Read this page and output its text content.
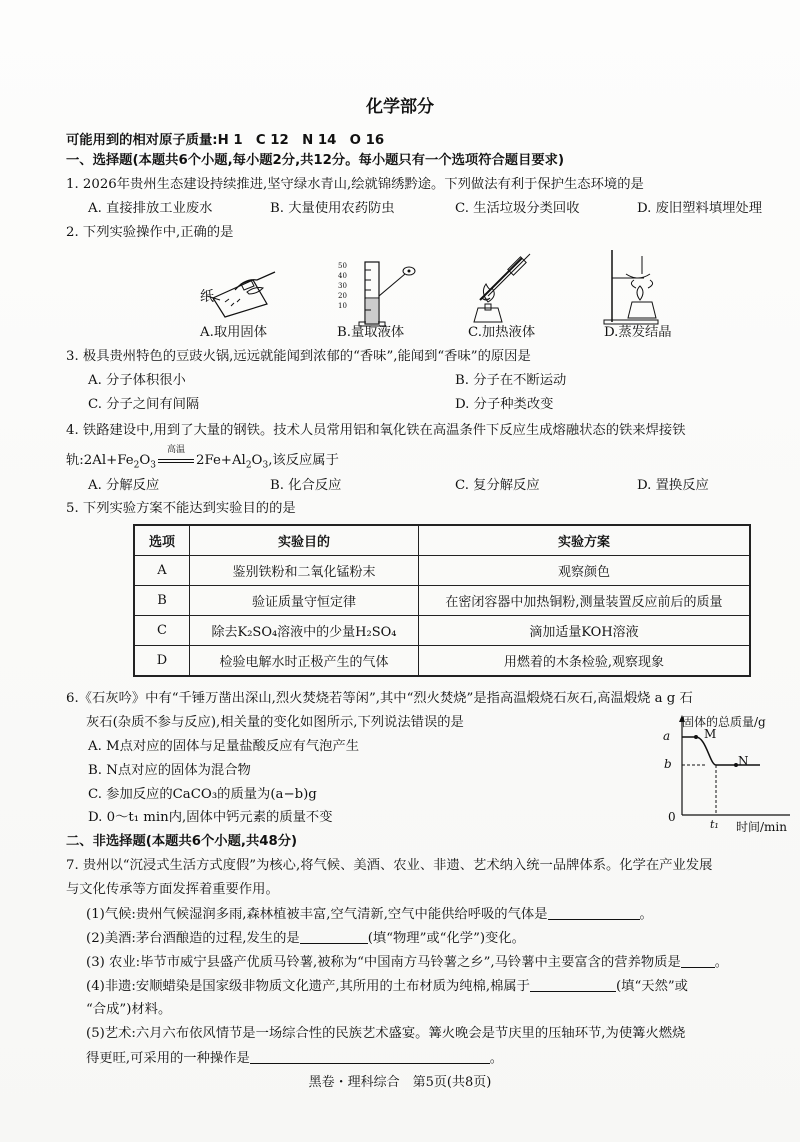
化学部分
可能用到的相对原子质量:H 1　C 12　N 14　O 16
一、选择题(本题共6个小题,每小题2分,共12分。每小题只有一个选项符合题目要求)
1. 2026年贵州生态建设持续推进,坚守绿水青山,绘就锦绣黔途。下列做法有利于保护生态环境的是
A. 直接排放工业废水	B. 大量使用农药防虫	C. 生活垃圾分类回收	D. 废旧塑料填埋处理
2. 下列实验操作中,正确的是
纸
50
40
30
20
10
A.取用固体	B.量取液体	C.加热液体	D.蒸发结晶
3. 极具贵州特色的豆豉火锅,远远就能闻到浓郁的“香味”,能闻到“香味”的原因是
A. 分子体积很小	B. 分子在不断运动
C. 分子之间有间隔	D. 分子种类改变
4. 铁路建设中,用到了大量的钢铁。技术人员常用铝和氧化铁在高温条件下反应生成熔融状态的铁来焊接铁
轨$:2Al+Fe_2O_3$
高温
$2Fe+Al_2O_3$,该反应属于
A. 分解反应	B. 化合反应	C. 复分解反应	D. 置换反应
5. 下列实验方案不能达到实验目的的是
选项	实验目的	实验方案
A	鉴别铁粉和二氧化锰粉末	观察颜色
B	验证质量守恒定律	在密闭容器中加热铜粉,测量装置反应前后的质量
C	除去K₂SO₄溶液中的少量H₂SO₄	滴加适量KOH溶液
D	检验电解水时正极产生的气体	用燃着的木条检验,观察现象
6.《石灰吟》中有“千锤万凿出深山,烈火焚烧若等闲”,其中“烈火焚烧”是指高温煅烧石灰石,高温煅烧 a g 石
灰石(杂质不参与反应),相关量的变化如图所示,下列说法错误的是
A. M点对应的固体与足量盐酸反应有气泡产生
B. N点对应的固体为混合物
C. 参加反应的CaCO₃的质量为(a−b)g
D. 0～t₁ min内,固体中钙元素的质量不变
固体的总质量/g
a
b
M
N
0
t₁ 时间/min
二、非选择题(本题共6个小题,共48分)
7. 贵州以“沉浸式生活方式度假”为核心,将气候、美酒、农业、非遗、艺术纳入统一品牌体系。化学在产业发展
与文化传承等方面发挥着重要作用。
(1)气候:贵州气候湿润多雨,森林植被丰富,空气清新,空气中能供给呼吸的气体是	。
(2)美酒:茅台酒酿造的过程,发生的是	(填“物理”或“化学”)变化。
(3) 农业:毕节市威宁县盛产优质马铃薯,被称为“中国南方马铃薯之乡”,马铃薯中主要富含的营养物质是	。
(4)非遗:安顺蜡染是国家级非物质文化遗产,其所用的土布材质为纯棉,棉属于	(填“天然”或
“合成”)材料。
(5)艺术:六月六布依风情节是一场综合性的民族艺术盛宴。篝火晚会是节庆里的压轴环节,为使篝火燃烧
得更旺,可采用的一种操作是	。
黑卷・理科综合　第5页(共8页)
